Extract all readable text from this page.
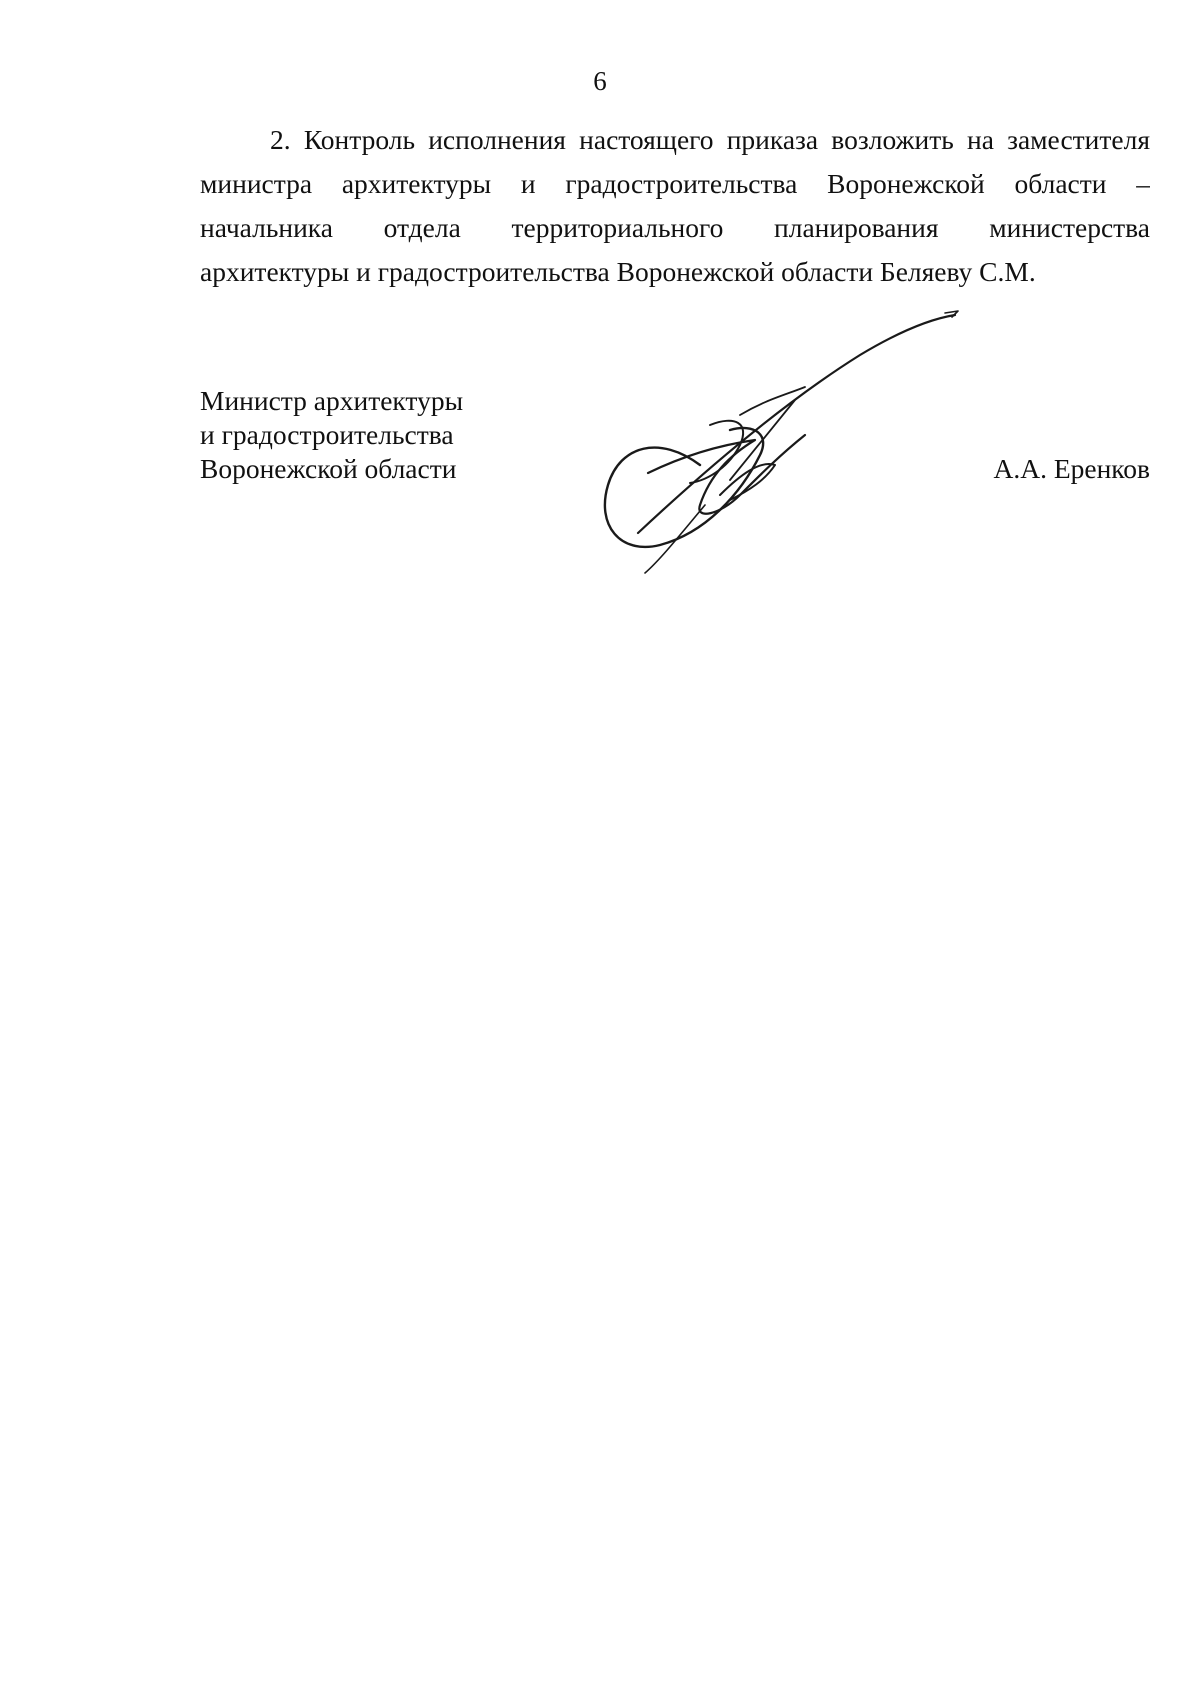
6
2. Контроль исполнения настоящего приказа возложить на заместителя
министра архитектуры и градостроительства Воронежской области –
начальника отдела территориального планирования министерства
архитектуры и градостроительства Воронежской области Беляеву С.М.
Министр архитектуры
и градостроительства
Воронежской области	А.А. Еренков
